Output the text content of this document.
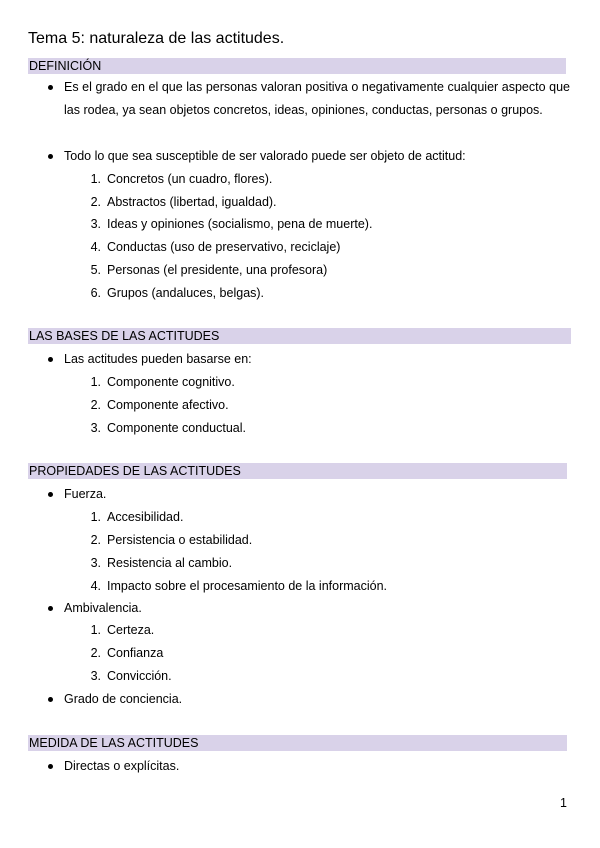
Tema 5: naturaleza de las actitudes.
DEFINICIÓN
Es el grado en el que las personas valoran positiva o negativamente cualquier aspecto que las rodea, ya sean objetos concretos, ideas, opiniones, conductas, personas o grupos.
Todo lo que sea susceptible de ser valorado puede ser objeto de actitud:
1. Concretos (un cuadro, flores).
2. Abstractos (libertad, igualdad).
3. Ideas y opiniones (socialismo, pena de muerte).
4. Conductas (uso de preservativo, reciclaje)
5. Personas (el presidente, una profesora)
6. Grupos (andaluces, belgas).
LAS BASES DE LAS ACTITUDES
Las actitudes pueden basarse en:
1. Componente cognitivo.
2. Componente afectivo.
3. Componente conductual.
PROPIEDADES DE LAS ACTITUDES
Fuerza.
1. Accesibilidad.
2. Persistencia o estabilidad.
3. Resistencia al cambio.
4. Impacto sobre el procesamiento de la información.
Ambivalencia.
1. Certeza.
2. Confianza
3. Convicción.
Grado de conciencia.
MEDIDA DE LAS ACTITUDES
Directas o explícitas.
1
